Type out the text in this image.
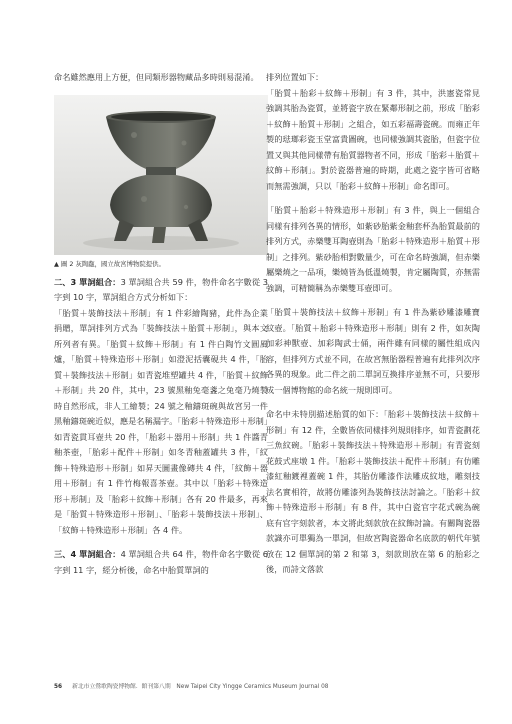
命名雖然應用上方便，但同類形器物藏品多時則易混淆。

▲ 圖 2 灰陶甗，國立故宮博物院提供。

二、3 單詞組合：3 單詞組合共 59 件，物件命名字數從 3 字到 10 字，單詞組合方式分析如下：

「胎質＋裝飾技法＋形制」有 1 件彩繪陶豬，此件為企業捐贈，單詞排列方式為「裝飾技法＋胎質＋形制」，與本文所列者有異。「胎質＋紋飾＋形制」有 1 件白陶竹文圓風爐，「胎質＋特殊造形＋形制」如澄泥括囊硯共 4 件，「胎質＋裝飾技法＋形制」如青瓷堆塑罐共 4 件，「胎質＋紋飾＋形制」共 20 件，其中，23 號黑釉兔毫盞之兔毫乃燒製時自然形成，非人工繪製；24 號之釉鑄斑碗與故宮另一件黑釉鑄斑碗近似，應是名稱漏字。「胎彩＋特殊造形＋形制」如青瓷貫耳壺共 20 件，「胎彩＋器用＋形制」共 1 件醬青釉茶壺，「胎彩＋配件＋形制」如冬青釉蓋罐共 3 件，「紋飾＋特殊造形＋形制」如昇天圖畫像磚共 4 件，「紋飾＋器用＋形制」有 1 件竹梅報喜茶壺。其中以「胎彩＋特殊造形＋形制」及「胎彩＋紋飾＋形制」各有 20 件最多，再來是「胎質＋特殊造形＋形制」、「胎彩＋裝飾技法＋形制」、「紋飾＋特殊造形＋形制」各 4 件。

三、4 單詞組合：4 單詞組合共 64 件，物件命名字數從 6 字到 11 字，經分析後，命名中胎質單詞的

排列位置如下：

「胎質＋胎彩＋紋飾＋形制」有 3 件，其中，洪憲瓷常見強調其胎為瓷質，並將瓷字放在緊鄰形制之前，形成「胎彩＋紋飾＋胎質＋形制」之組合，如五彩福壽瓷碗。而雍正年製的琺瑯彩瓷玉堂富貴圖碗，也同樣強調其瓷胎，但瓷字位置又與其他同樣帶有胎質器物者不同，形成「胎彩＋胎質＋紋飾＋形制」。對於瓷器普遍的時期，此處之瓷字皆可省略而無需強調，只以「胎彩＋紋飾＋形制」命名即可。

「胎質＋胎彩＋特殊造形＋形制」有 3 件，與上一個組合同樣有排列各異的情形，如紫砂胎紫金釉套杯為胎質最前的排列方式，赤樂雙耳陶壺則為「胎彩＋特殊造形＋胎質＋形制」之排列。紫砂胎相對數量少，可在命名時強調，但赤樂屬樂燒之一品項，樂燒皆為低溫燒製，肯定屬陶質，亦無需強調，可精簡稱為赤樂雙耳壺即可。

「胎質＋裝飾技法＋紋飾＋形制」有 1 件為紫砂雕漆雕寶紋壺。「胎質＋胎彩＋特殊造形＋形制」則有 2 件，如灰陶加彩神獸壺、加彩陶武士俑，兩件雖有同樣的屬性組成內容，但排列方式並不同，在故宮無胎器程普遍有此排列次序各異的現象。此二件之前二單詞互換排序並無不可，只要形成一個博物館的命名統一規則即可。

命名中未特別描述胎質的如下：「胎彩＋裝飾技法＋紋飾＋形制」有 12 件，全數皆依同樣排列規則排序，如青瓷劃花三魚紋碗。「胎彩＋裝飾技法＋特殊造形＋形制」有青瓷刻花鼓式座墩 1 件。「胎彩＋裝飾技法＋配件＋形制」有仿雕漆紅釉鍍裡蓋碗 1 件，其胎仿雕漆作法雕成紋地，雕刻技法名實相符，故將仿雕漆列為裝飾技法討論之。「胎彩＋紋飾＋特殊造形＋形制」有 8 件，其中白瓷官字花式碗為碗底有官字刻款者，本文將此刻款放在紋飾討論。有關陶瓷器款識亦可單獨為一單詞，但故宮陶瓷器命名底款的朝代年號放在 12 個單詞的第 2 和第 3，刻款則放在第 6 的胎彩之後，而詩文落款

56 新北市立鶯歌陶瓷博物館．館刊第八期　New Taipei City Yingge Ceramics Museum Journal 08
